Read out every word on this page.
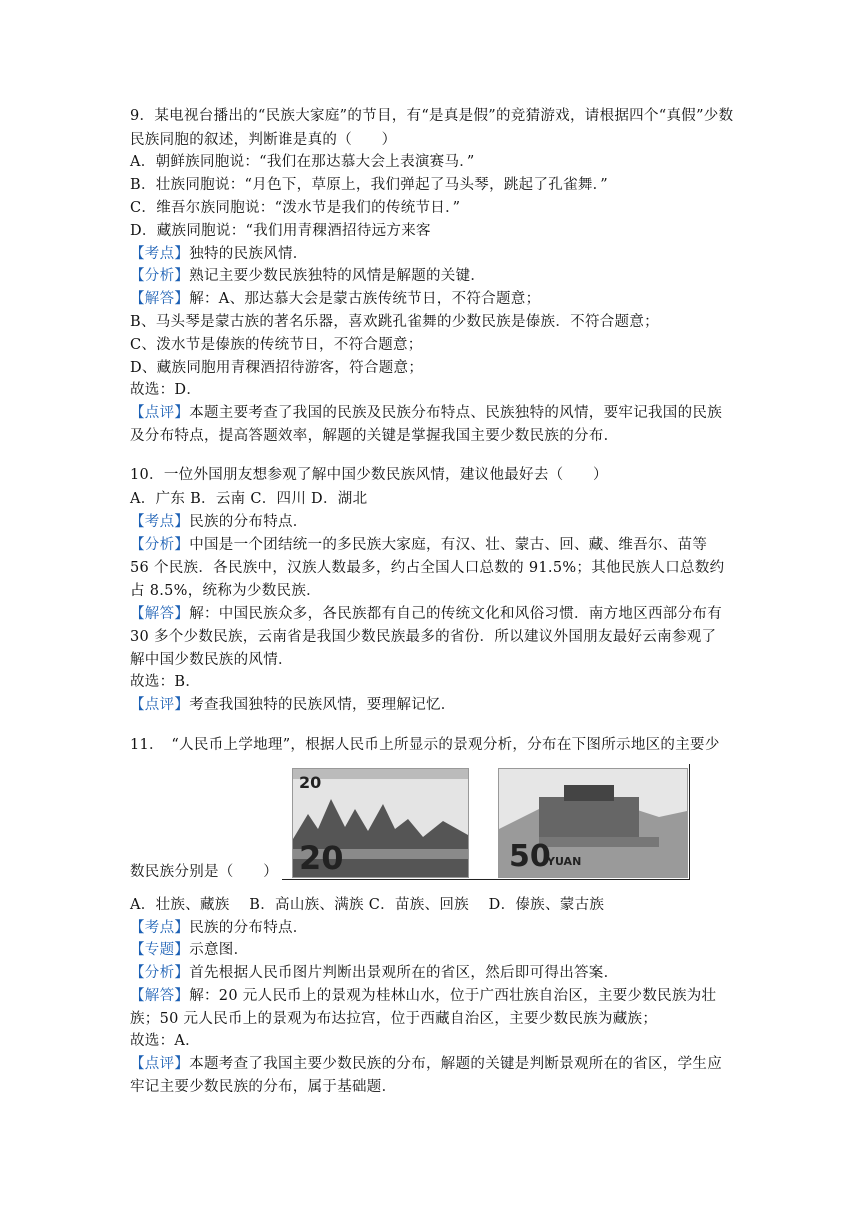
9．某电视台播出的“民族大家庭”的节目，有“是真是假”的竞猜游戏，请根据四个“真假”少数
民族同胞的叙述，判断谁是真的（　　）
A．朝鲜族同胞说：“我们在那达慕大会上表演赛马．”
B．壮族同胞说：“月色下，草原上，我们弹起了马头琴，跳起了孔雀舞．”
C．维吾尔族同胞说：“泼水节是我们的传统节日．”
D．藏族同胞说：“我们用青稞酒招待远方来客
【考点】独特的民族风情．
【分析】熟记主要少数民族独特的风情是解题的关键．
【解答】解：A、那达慕大会是蒙古族传统节日，不符合题意；
B、马头琴是蒙古族的著名乐器，喜欢跳孔雀舞的少数民族是傣族．不符合题意；
C、泼水节是傣族的传统节日，不符合题意；
D、藏族同胞用青稞酒招待游客，符合题意；
故选：D．
【点评】本题主要考查了我国的民族及民族分布特点、民族独特的风情，要牢记我国的民族
及分布特点，提高答题效率，解题的关键是掌握我国主要少数民族的分布．
10．一位外国朋友想参观了解中国少数民族风情，建议他最好去（　　）
A．广东 B．云南 C．四川 D．湖北
【考点】民族的分布特点．
【分析】中国是一个团结统一的多民族大家庭，有汉、壮、蒙古、回、藏、维吾尔、苗等
56 个民族．各民族中，汉族人数最多，约占全国人口总数的 91.5%；其他民族人口总数约
占 8.5%，统称为少数民族．
【解答】解：中国民族众多，各民族都有自己的传统文化和风俗习惯．南方地区西部分布有
30 多个少数民族，云南省是我国少数民族最多的省份．所以建议外国朋友最好云南参观了
解中国少数民族的风情．
故选：B．
【点评】考查我国独特的民族风情，要理解记忆．
11．　“人民币上学地理”，根据人民币上所显示的景观分析，分布在下图所示地区的主要少
20
20	50
YUAN
数民族分别是（　　）
A．壮族、藏族　 B．高山族、满族 C．苗族、回族　 D．傣族、蒙古族
【考点】民族的分布特点．
【专题】示意图．
【分析】首先根据人民币图片判断出景观所在的省区，然后即可得出答案．
【解答】解：20 元人民币上的景观为桂林山水，位于广西壮族自治区，主要少数民族为壮
族；50 元人民币上的景观为布达拉宫，位于西藏自治区，主要少数民族为藏族；
故选：A．
【点评】本题考查了我国主要少数民族的分布，解题的关键是判断景观所在的省区，学生应
牢记主要少数民族的分布，属于基础题．
